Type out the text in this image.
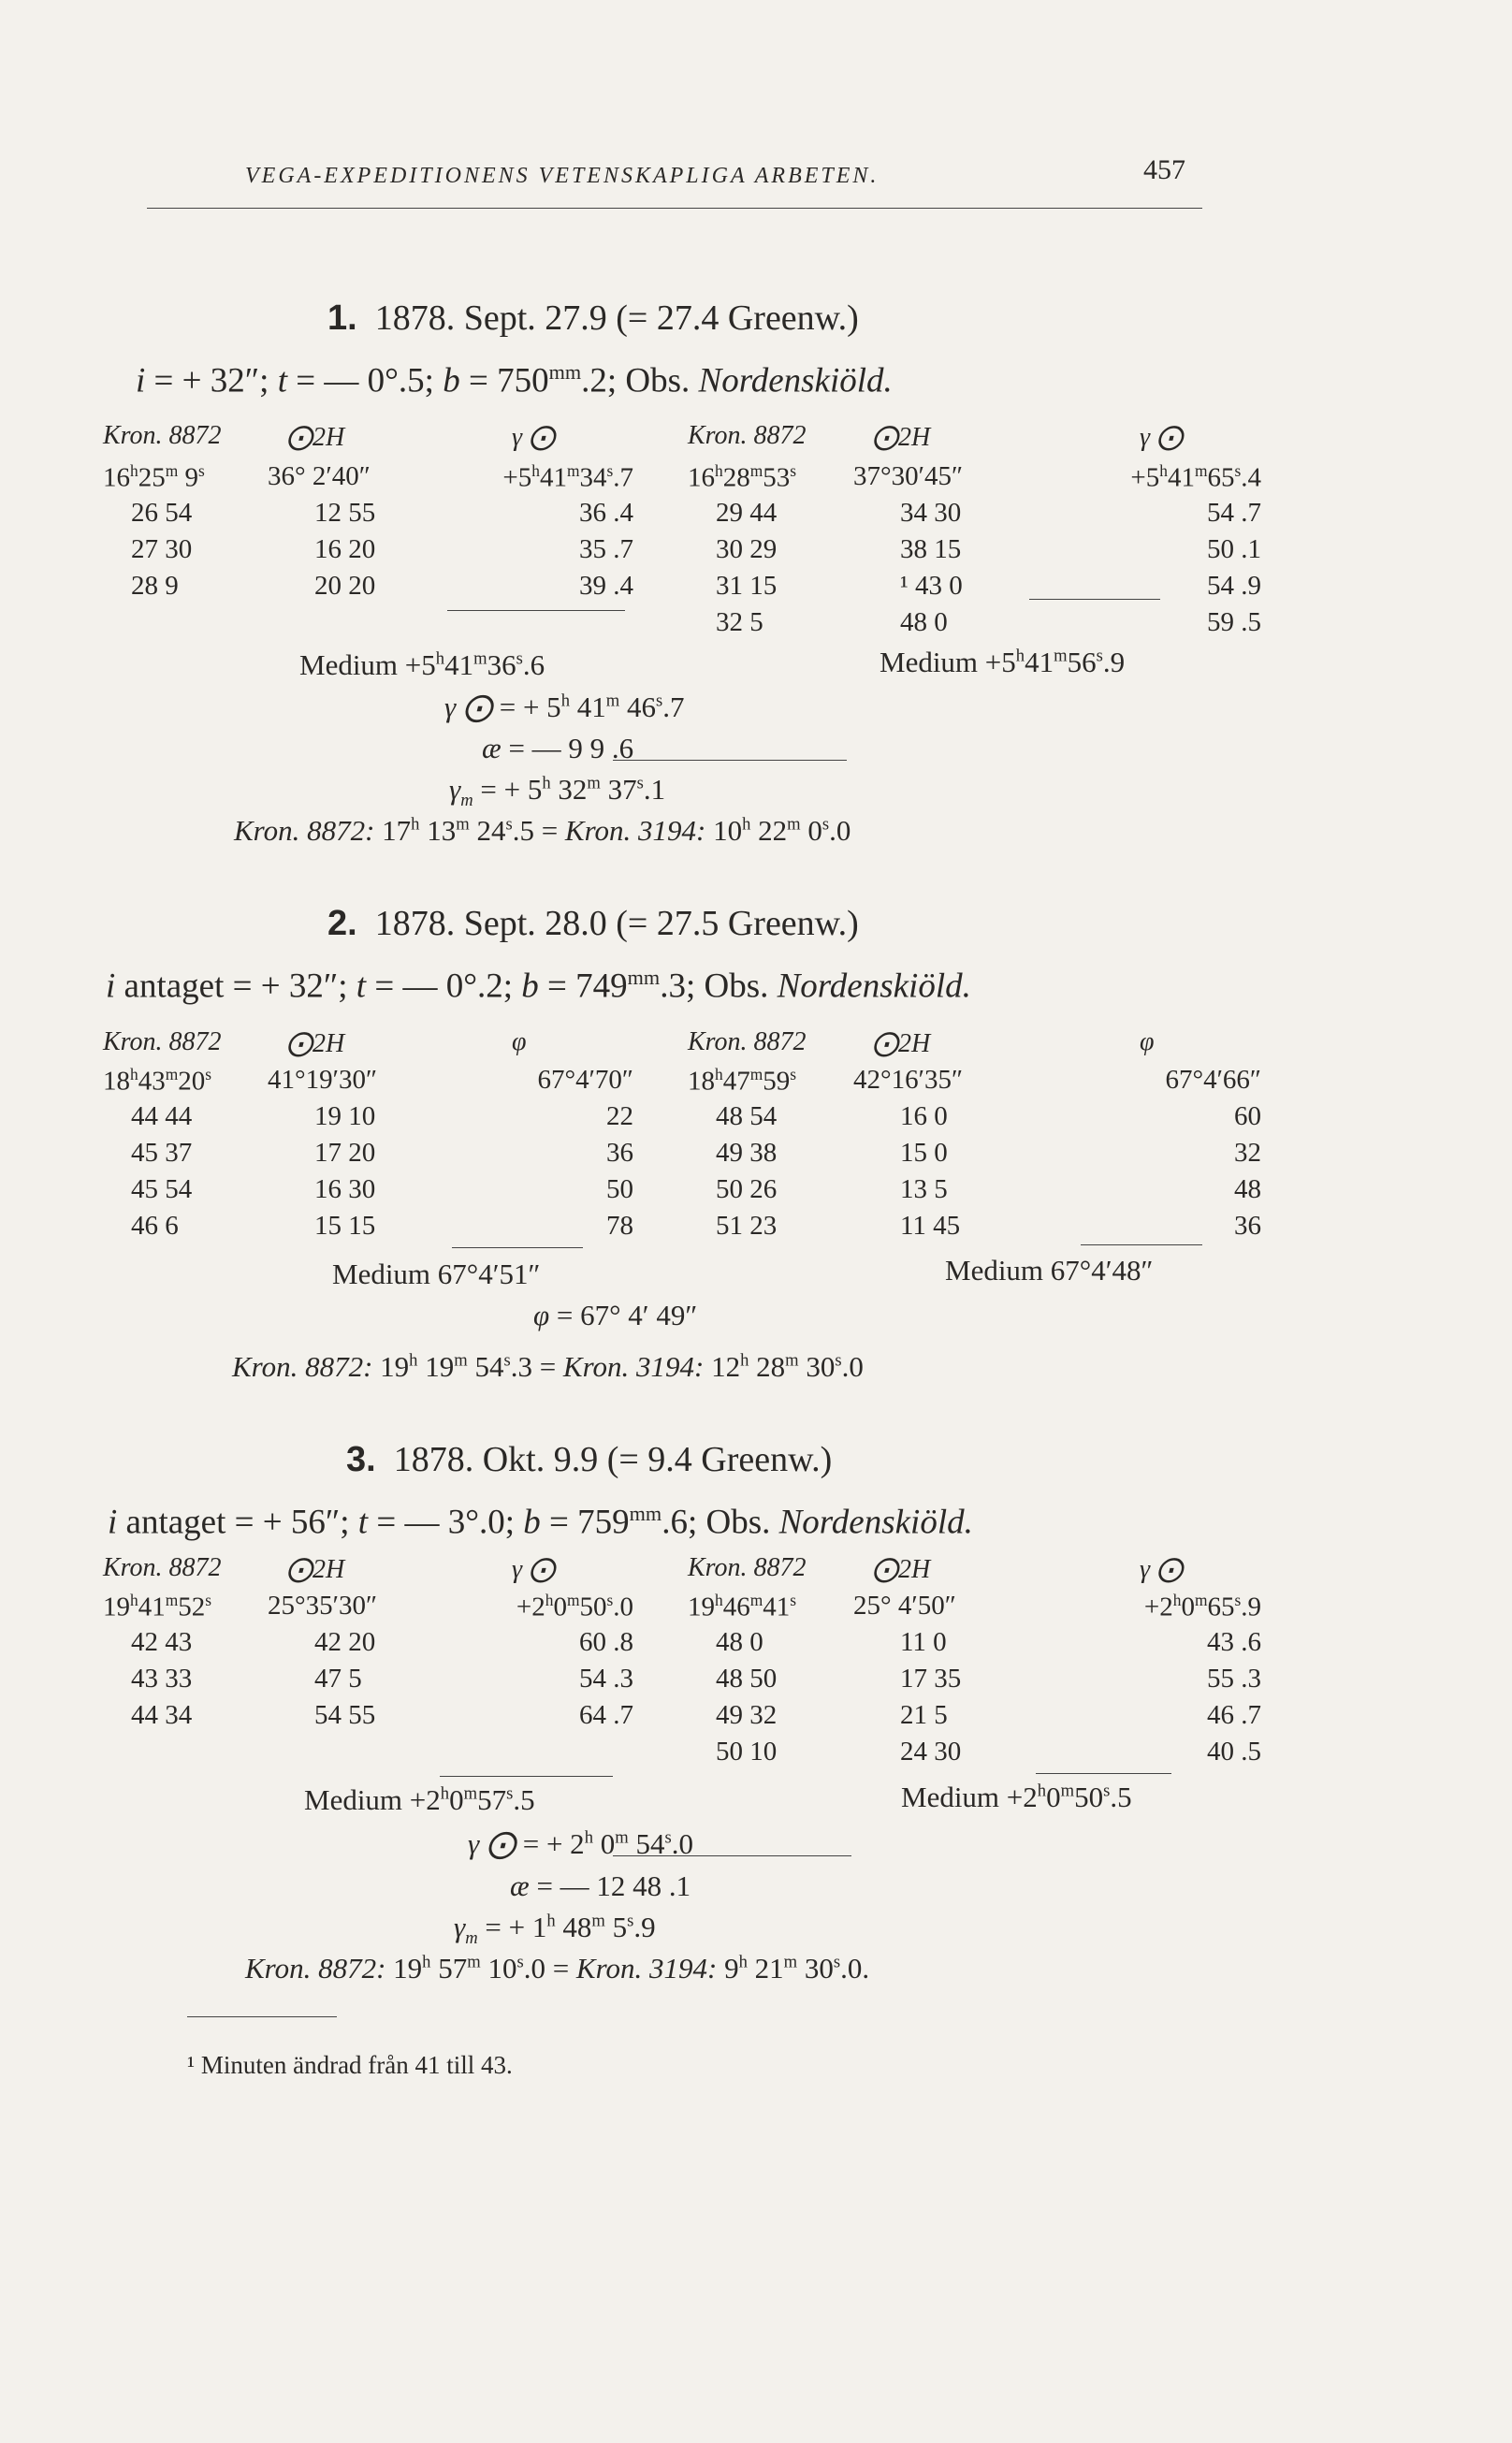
VEGA-EXPEDITIONENS VETENSKAPLIGA ARBETEN.	457
1.  1878. Sept. 27.9 (= 27.4 Greenw.)
i = + 32″; t = — 0°.5; $b = 750^{mm}.2$; Obs. Nordenskiöld.
Kron. 8872 ⨀2H	γ ⨀	Kron. 8872	⨀2H	γ ⨀
16$^h$25$^m$ 9$^s$ 36° 2′40″	$+5^h41^m34^s.7$
26 54	12 55	36 .4
27 30	16 20	35 .7
28 9	20 20	39 .4
16$^h$28$^m$53$^s$ 37°30′45″	$+5^h41^m65^s.4$
29 44	34 30	54 .7
30 29	38 15	50 .1
31 15	¹ 43 0	54 .9
32 5	48 0	59 .5
Medium $+5^h41^m36^s.6$	Medium $+5^h41^m56^s.9$
γ ⨀ = + $5^h$ 41$^m$ 46$^s$.7
æ = — 9 9 .6
$\gamma_m$ = + $5^h$ 32$^m$ 37$^s$.1
Kron. 8872: 17$^h$ 13$^m$ $24^s.5$ = Kron. 3194: 10$^h$ 22$^m$ 0$^s$.0
2.  1878. Sept. 28.0 (= 27.5 Greenw.)
i antaget = + 32″; t = — 0°.2; $b = 749^{mm}.3$; Obs. Nordenskiöld.
Kron. 8872 ⨀2H	φ	Kron. 8872	⨀2H	φ
18$^h$43$^m$20$^s$ 41°19′30″	67°4′70″
44 44	19 10	22
45 37	17 20	36
45 54	16 30	50
46 6	15 15	78
18$^h$47$^m$59$^s$ 42°16′35″	67°4′66″
48 54	16 0	60
49 38	15 0	32
50 26	13 5	48
51 23	11 45	36
Medium 67°4′51″	Medium 67°4′48″
φ = 67° 4′ 49″
Kron. 8872: 19$^h$ 19$^m$ $54^s.3$ = Kron. 3194: 12$^h$ 28$^m$ 30$^s$.0
3.  1878. Okt. 9.9 (= 9.4 Greenw.)
i antaget = + 56″; t = — 3°.0; $b = 759^{mm}.6$; Obs. Nordenskiöld.
Kron. 8872 ⨀2H	γ ⨀	Kron. 8872	⨀2H	γ ⨀
19$^h$41$^m$52$^s$ 25°35′30″	$+2^h0^m50^s.0$
42 43	42 20	60 .8
43 33	47 5	54 .3
44 34	54 55	64 .7
19$^h$46$^m$41$^s$ 25° 4′50″	$+2^h0^m65^s.9$
48 0	11 0	43 .6
48 50	17 35	55 .3
49 32	21 5	46 .7
50 10	24 30	40 .5
Medium $+2^h0^m57^s.5$	Medium $+2^h0^m50^s.5$
γ ⨀ = + $2^h$ 0$^m$ 54$^s$.0
æ = — 12 48 .1
$\gamma_m$ = + $1^h$ 48$^m$ 5$^s$.9
Kron. 8872: 19$^h$ 57$^m$ $10^s.0$ = Kron. 3194: 9$^h$ 21$^m$ 30$^s$.0.
¹ Minuten ändrad från 41 till 43.
